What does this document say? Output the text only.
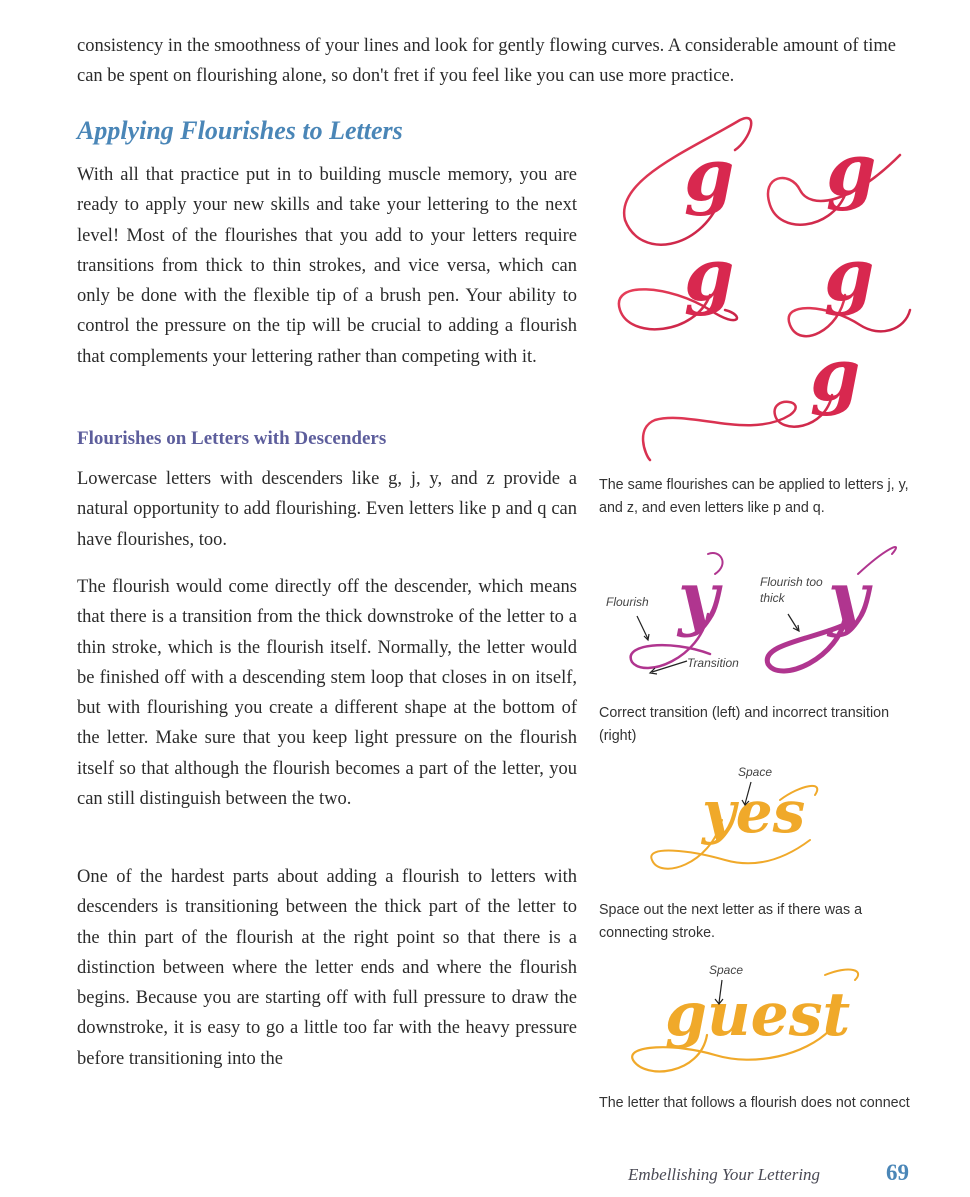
consistency in the smoothness of your lines and look for gently flowing curves. A considerable amount of time can be spent on flourishing alone, so don't fret if you feel like you can use more practice.

Applying Flourishes to Letters

With all that practice put in to building muscle memory, you are ready to apply your new skills and take your lettering to the next level! Most of the flourishes that you add to your letters require transitions from thick to thin strokes, and vice versa, which can only be done with the flexible tip of a brush pen. Your ability to control the pressure on the tip will be crucial to adding a flourish that complements your lettering rather than competing with it.

Flourishes on Letters with Descenders

Lowercase letters with descenders like g, j, y, and z provide a natural opportunity to add flourishing. Even letters like p and q can have flourishes, too.

The flourish would come directly off the descender, which means that there is a transition from the thick downstroke of the letter to a thin stroke, which is the flourish itself. Normally, the letter would be finished off with a descending stem loop that closes in on itself, but with flourishing you create a different shape at the bottom of the letter. Make sure that you keep light pressure on the flourish itself so that although the flourish becomes a part of the letter, you can still distinguish between the two.

One of the hardest parts about adding a flourish to letters with descenders is transitioning between the thick part of the letter to the thin part of the flourish at the right point so that there is a distinction between where the letter ends and where the flourish begins. Because you are starting off with full pressure to draw the downstroke, it is easy to go a little too far with the heavy pressure before transitioning into the

g g
g g
g

The same flourishes can be applied to letters j, y, and z, and even letters like p and q.

y y
Flourish
Transition
Flourish too
thick

Correct transition (left) and incorrect transition (right)

yes
Space

Space out the next letter as if there was a connecting stroke.

guest
Space

The letter that follows a flourish does not connect

Embellishing Your Lettering	69
